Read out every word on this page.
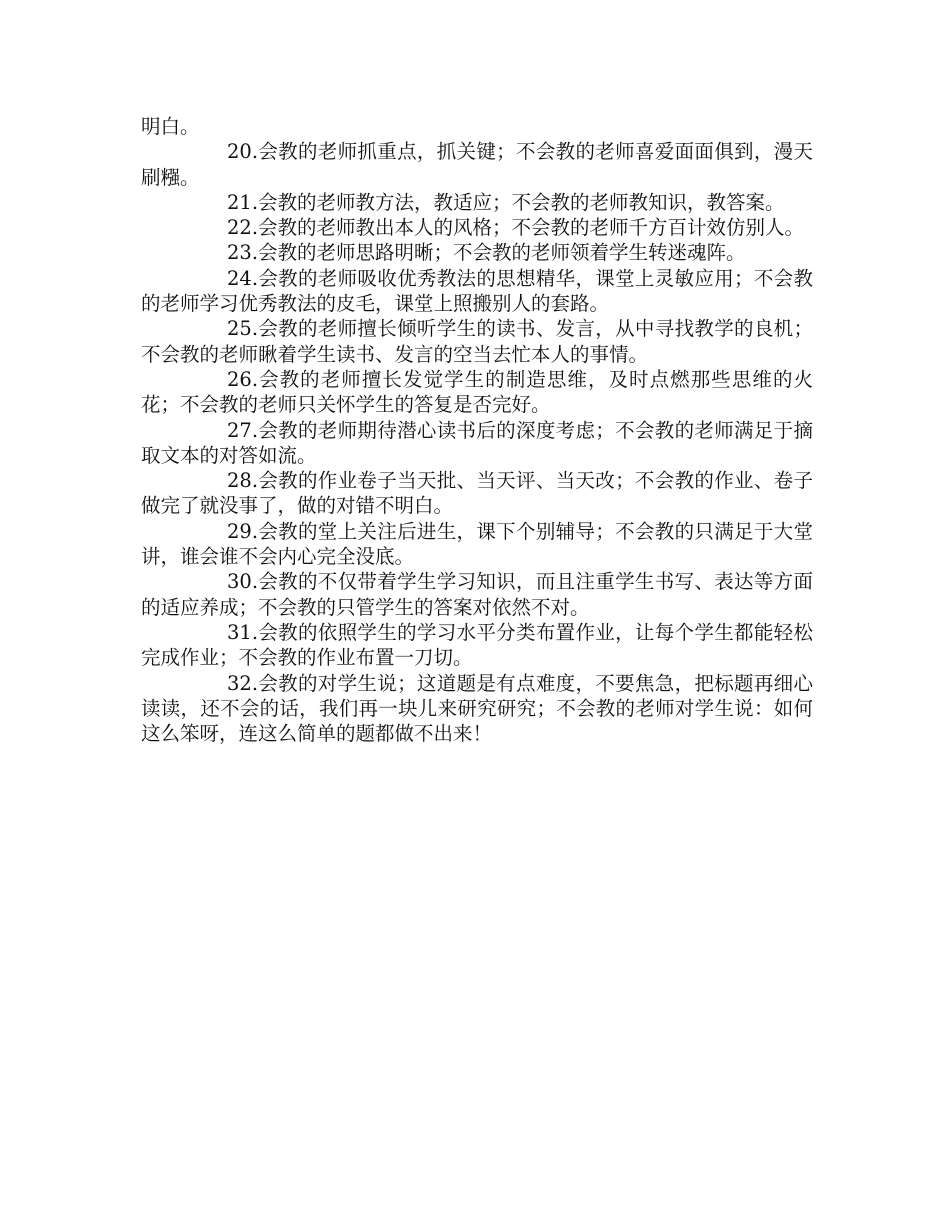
明白。

20.会教的老师抓重点，抓关键；不会教的老师喜爱面面俱到，漫天刷糨。

21.会教的老师教方法，教适应；不会教的老师教知识，教答案。

22.会教的老师教出本人的风格；不会教的老师千方百计效仿别人。

23.会教的老师思路明晰；不会教的老师领着学生转迷魂阵。

24.会教的老师吸收优秀教法的思想精华，课堂上灵敏应用；不会教的老师学习优秀教法的皮毛，课堂上照搬别人的套路。

25.会教的老师擅长倾听学生的读书、发言，从中寻找教学的良机；不会教的老师瞅着学生读书、发言的空当去忙本人的事情。

26.会教的老师擅长发觉学生的制造思维，及时点燃那些思维的火花；不会教的老师只关怀学生的答复是否完好。

27.会教的老师期待潜心读书后的深度考虑；不会教的老师满足于摘取文本的对答如流。

28.会教的作业卷子当天批、当天评、当天改；不会教的作业、卷子做完了就没事了，做的对错不明白。

29.会教的堂上关注后进生，课下个别辅导；不会教的只满足于大堂讲，谁会谁不会内心完全没底。

30.会教的不仅带着学生学习知识，而且注重学生书写、表达等方面的适应养成；不会教的只管学生的答案对依然不对。

31.会教的依照学生的学习水平分类布置作业，让每个学生都能轻松完成作业；不会教的作业布置一刀切。

32.会教的对学生说；这道题是有点难度，不要焦急，把标题再细心读读，还不会的话，我们再一块儿来研究研究；不会教的老师对学生说：如何这么笨呀，连这么简单的题都做不出来！
